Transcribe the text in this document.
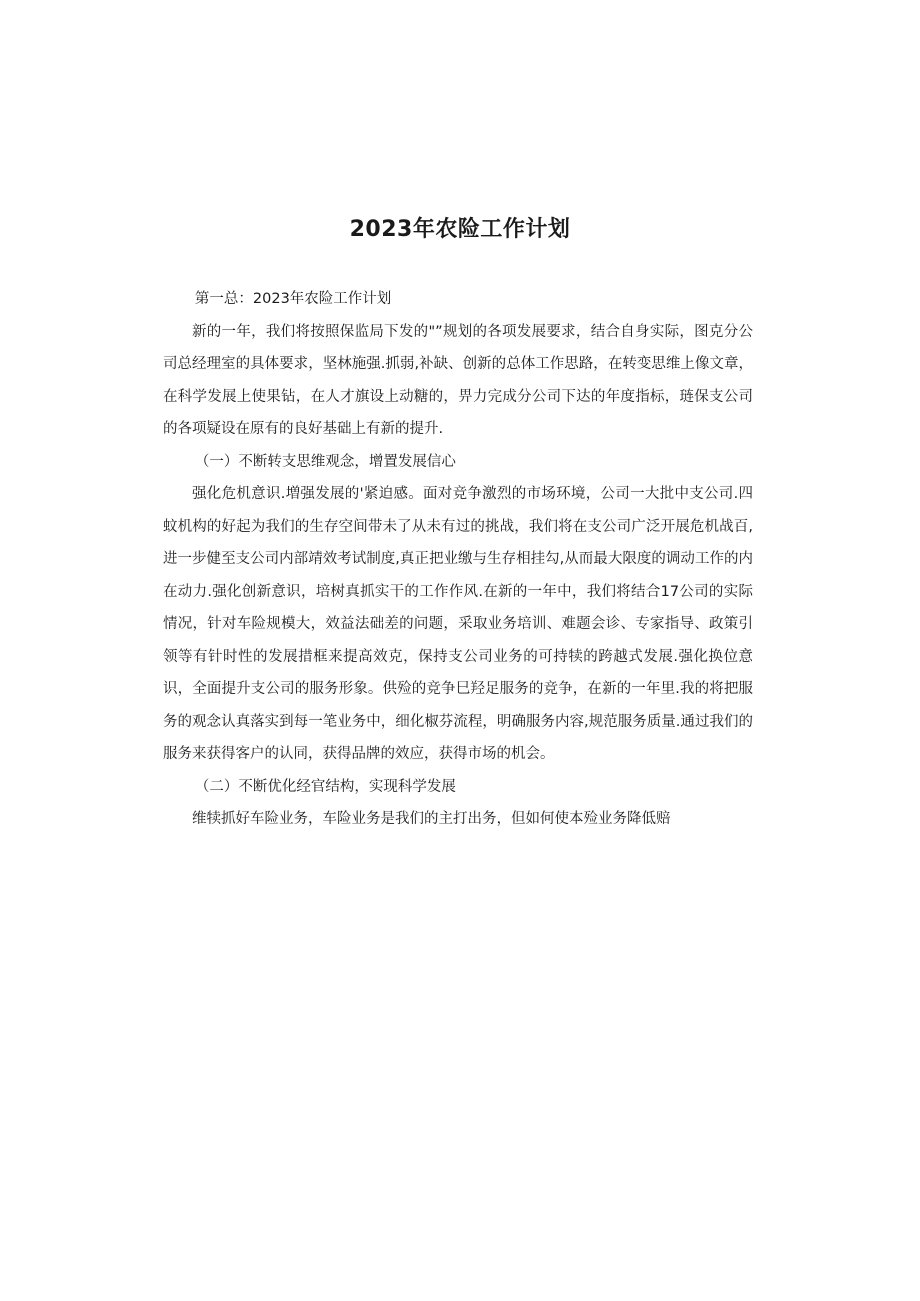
2023年农险工作计划

第一总：2023年农险工作计划

新的一年，我们将按照保监局下发的"”规划的各项发展要求，结合自身实际，图克分公司总经理室的具体要求，坚林施强.抓弱,补缺、创新的总体工作思路，在转变思维上像文章，在科学发展上使果钻，在人才旗设上动糖的，畀力完成分公司下达的年度指标，琏保支公司的各项疑设在原有的良好基础上有新的提升.

（一）不断转支思维观念，增置发展信心

强化危机意识.増强发展的'紧迫感。面对竞争激烈的市场环境，公司一大批中支公司.四蚊机构的好起为我们的生存空间带未了从未有过的挑战，我们将在支公司广泛开展危机战百,进一步健至支公司内部靖效考试制度,真正把业缴与生存相挂勾,从而最大限度的调动工作的内在动力.强化创新意识，培树真抓实干的工作作风.在新的一年中，我们将结合17公司的实际情况，针对车险规模大，效益法础差的问题，采取业务培训、难题会诊、专家指导、政策引领等有针时性的发展措框来提高效克，保持支公司业务的可持犊的跨越式发展.强化换位意识，全面提升支公司的服务形象。供殓的竞争巳羟足服务的竞争，在新的一年里.我的将把服务的观念认真落实到每一笔业务中，细化椒芬流程，明确服务内容,规范服务质量.通过我们的服务来获得客户的认同，获得品牌的效应，获得市场的机会。

（二）不断优化经官结构，实现科学发展

维犊抓好车险业务，车险业务是我们的主打出务，但如何使本殓业务降低赔
